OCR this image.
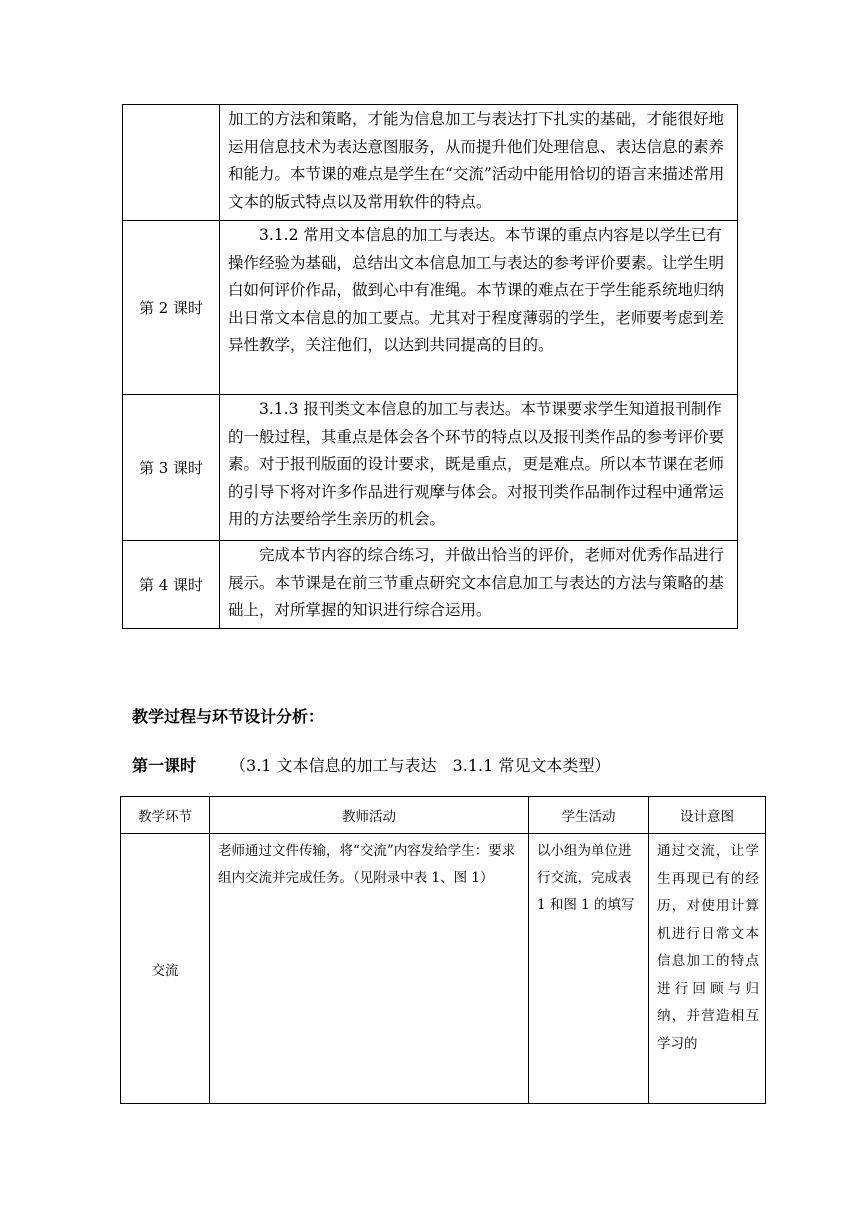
	加工的方法和策略，才能为信息加工与表达打下扎实的基础，才能很好地运用信息技术为表达意图服务，从而提升他们处理信息、表达信息的素养和能力。本节课的难点是学生在“交流”活动中能用恰切的语言来描述常用文本的版式特点以及常用软件的特点。
第 2 课时	3.1.2 常用文本信息的加工与表达。本节课的重点内容是以学生已有操作经验为基础，总结出文本信息加工与表达的参考评价要素。让学生明白如何评价作品，做到心中有准绳。本节课的难点在于学生能系统地归纳出日常文本信息的加工要点。尤其对于程度薄弱的学生，老师要考虑到差异性教学，关注他们，以达到共同提高的目的。
第 3 课时	3.1.3 报刊类文本信息的加工与表达。本节课要求学生知道报刊制作的一般过程，其重点是体会各个环节的特点以及报刊类作品的参考评价要素。对于报刊版面的设计要求，既是重点，更是难点。所以本节课在老师的引导下将对许多作品进行观摩与体会。对报刊类作品制作过程中通常运用的方法要给学生亲历的机会。
第 4 课时	完成本节内容的综合练习，并做出恰当的评价，老师对优秀作品进行展示。本节课是在前三节重点研究文本信息加工与表达的方法与策略的基础上，对所掌握的知识进行综合运用。
教学过程与环节设计分析：
第一课时 （3.1 文本信息的加工与表达　3.1.1 常见文本类型）
教学环节	教师活动	学生活动	设计意图
交流	老师通过文件传输，将“交流”内容发给学生：要求组内交流并完成任务。（见附录中表 1、图 1）	以小组为单位进行交流，完成表 1 和图 1 的填写	通过交流，让学生再现已有的经历，对使用计算机进行日常文本信息加工的特点进行回顾与归纳，并营造相互学习的
